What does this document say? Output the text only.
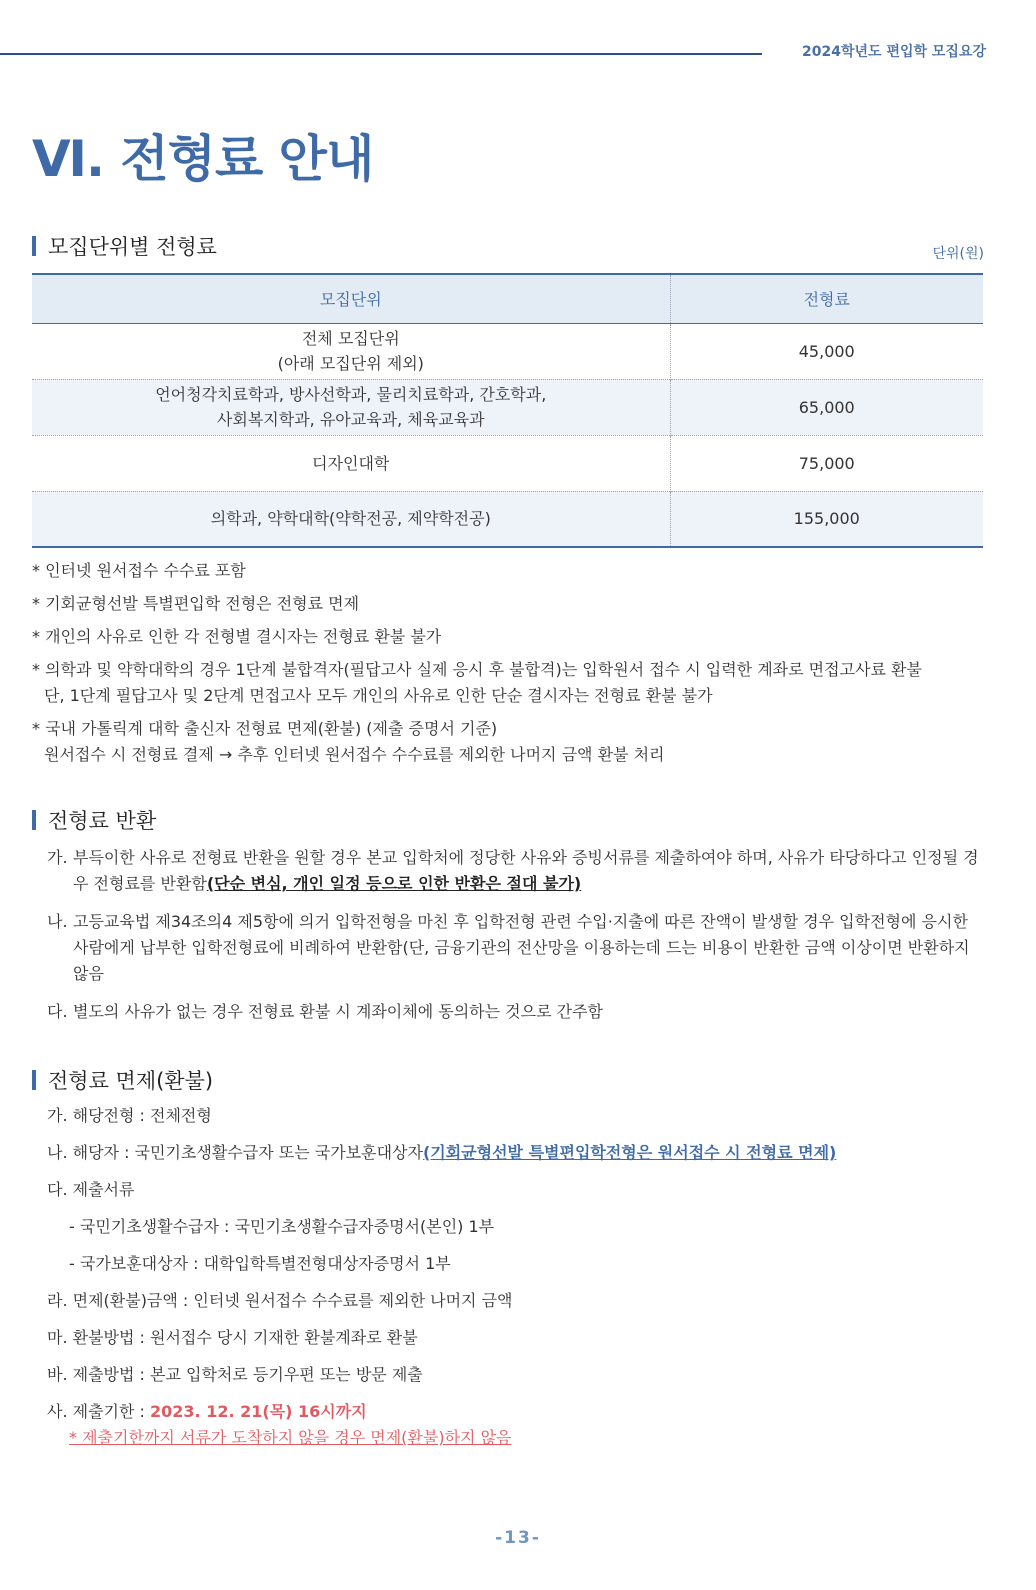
2024학년도 편입학 모집요강
Ⅵ. 전형료 안내
모집단위별 전형료	단위(원)
모집단위	전형료

전체 모집단위
(아래 모집단위 제외)	45,000

언어청각치료학과, 방사선학과, 물리치료학과, 간호학과,
사회복지학과, 유아교육과, 체육교육과	65,000
디자인대학	75,000
의학과, 약학대학(약학전공, 제약학전공)	155,000
* 인터넷 원서접수 수수료 포함
* 기회균형선발 특별편입학 전형은 전형료 면제
* 개인의 사유로 인한 각 전형별 결시자는 전형료 환불 불가
* 의학과 및 약학대학의 경우 1단계 불합격자(필답고사 실제 응시 후 불합격)는 입학원서 접수 시 입력한 계좌로 면접고사료 환불
단, 1단계 필답고사 및 2단계 면접고사 모두 개인의 사유로 인한 단순 결시자는 전형료 환불 불가
* 국내 가톨릭계 대학 출신자 전형료 면제(환불) (제출 증명서 기준)
원서접수 시 전형료 결제 → 추후 인터넷 원서접수 수수료를 제외한 나머지 금액 환불 처리
전형료 반환
가. 부득이한 사유로 전형료 반환을 원할 경우 본교 입학처에 정당한 사유와 증빙서류를 제출하여야 하며, 사유가 타당하다고 인정될 경우 전형료를 반환함(단순 변심, 개인 일정 등으로 인한 반환은 절대 불가)
나. 고등교육법 제34조의4 제5항에 의거 입학전형을 마친 후 입학전형 관련 수입·지출에 따른 잔액이 발생할 경우 입학전형에 응시한 사람에게 납부한 입학전형료에 비례하여 반환함(단, 금융기관의 전산망을 이용하는데 드는 비용이 반환한 금액 이상이면 반환하지 않음
다. 별도의 사유가 없는 경우 전형료 환불 시 계좌이체에 동의하는 것으로 간주함
전형료 면제(환불)
가. 해당전형 : 전체전형
나. 해당자 : 국민기초생활수급자 또는 국가보훈대상자(기회균형선발 특별편입학전형은 원서접수 시 전형료 면제)
다. 제출서류
- 국민기초생활수급자 : 국민기초생활수급자증명서(본인) 1부
- 국가보훈대상자 : 대학입학특별전형대상자증명서 1부
라. 면제(환불)금액 : 인터넷 원서접수 수수료를 제외한 나머지 금액
마. 환불방법 : 원서접수 당시 기재한 환불계좌로 환불
바. 제출방법 : 본교 입학처로 등기우편 또는 방문 제출
사. 제출기한 : 2023. 12. 21(목) 16시까지
* 제출기한까지 서류가 도착하지 않을 경우 면제(환불)하지 않음
-13-
